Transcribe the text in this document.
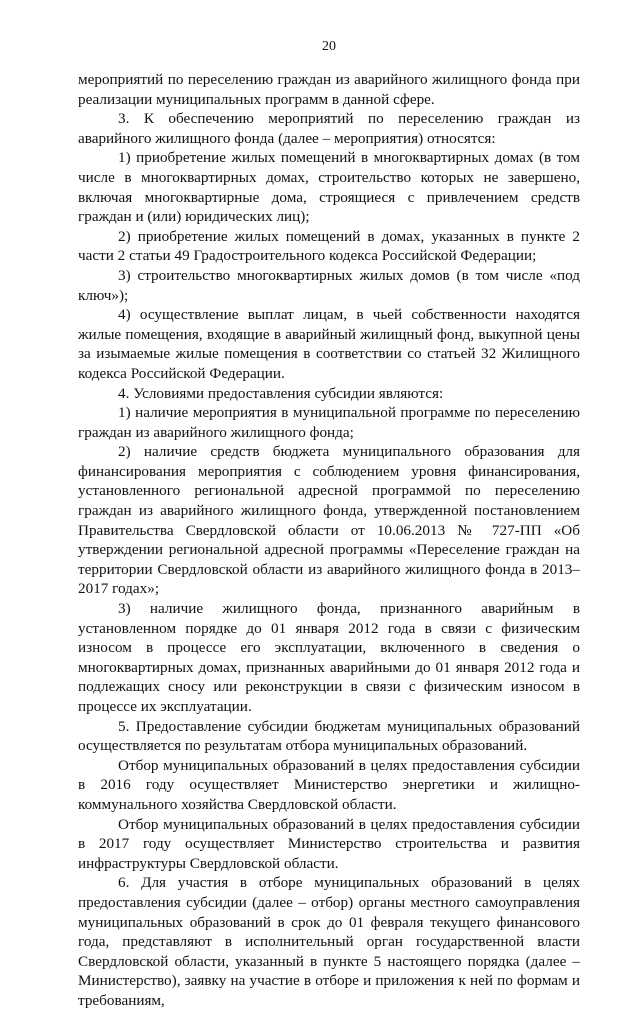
20

мероприятий по переселению граждан из аварийного жилищного фонда при реализации муниципальных программ в данной сфере.

3. К обеспечению мероприятий по переселению граждан из аварийного жилищного фонда (далее – мероприятия) относятся:

1) приобретение жилых помещений в многоквартирных домах (в том числе в многоквартирных домах, строительство которых не завершено, включая многоквартирные дома, строящиеся с привлечением средств граждан и (или) юридических лиц);

2) приобретение жилых помещений в домах, указанных в пункте 2 части 2 статьи 49 Градостроительного кодекса Российской Федерации;

3) строительство многоквартирных жилых домов (в том числе «под ключ»);

4) осуществление выплат лицам, в чьей собственности находятся жилые помещения, входящие в аварийный жилищный фонд, выкупной цены за изымаемые жилые помещения в соответствии со статьей 32 Жилищного кодекса Российской Федерации.

4. Условиями предоставления субсидии являются:

1) наличие мероприятия в муниципальной программе по переселению граждан из аварийного жилищного фонда;

2) наличие средств бюджета муниципального образования для финансирования мероприятия с соблюдением уровня финансирования, установленного региональной адресной программой по переселению граждан из аварийного жилищного фонда, утвержденной постановлением Правительства Свердловской области от 10.06.2013 № 727-ПП «Об утверждении региональной адресной программы «Переселение граждан на территории Свердловской области из аварийного жилищного фонда в 2013–2017 годах»;

3) наличие жилищного фонда, признанного аварийным в установленном порядке до 01 января 2012 года в связи с физическим износом в процессе его эксплуатации, включенного в сведения о многоквартирных домах, признанных аварийными до 01 января 2012 года и подлежащих сносу или реконструкции в связи с физическим износом в процессе их эксплуатации.

5. Предоставление субсидии бюджетам муниципальных образований осуществляется по результатам отбора муниципальных образований.

Отбор муниципальных образований в целях предоставления субсидии в 2016 году осуществляет Министерство энергетики и жилищно-коммунального хозяйства Свердловской области.

Отбор муниципальных образований в целях предоставления субсидии в 2017 году осуществляет Министерство строительства и развития инфраструктуры Свердловской области.

6. Для участия в отборе муниципальных образований в целях предоставления субсидии (далее – отбор) органы местного самоуправления муниципальных образований в срок до 01 февраля текущего финансового года, представляют в исполнительный орган государственной власти Свердловской области, указанный в пункте 5 настоящего порядка (далее – Министерство), заявку на участие в отборе и приложения к ней по формам и требованиям,
